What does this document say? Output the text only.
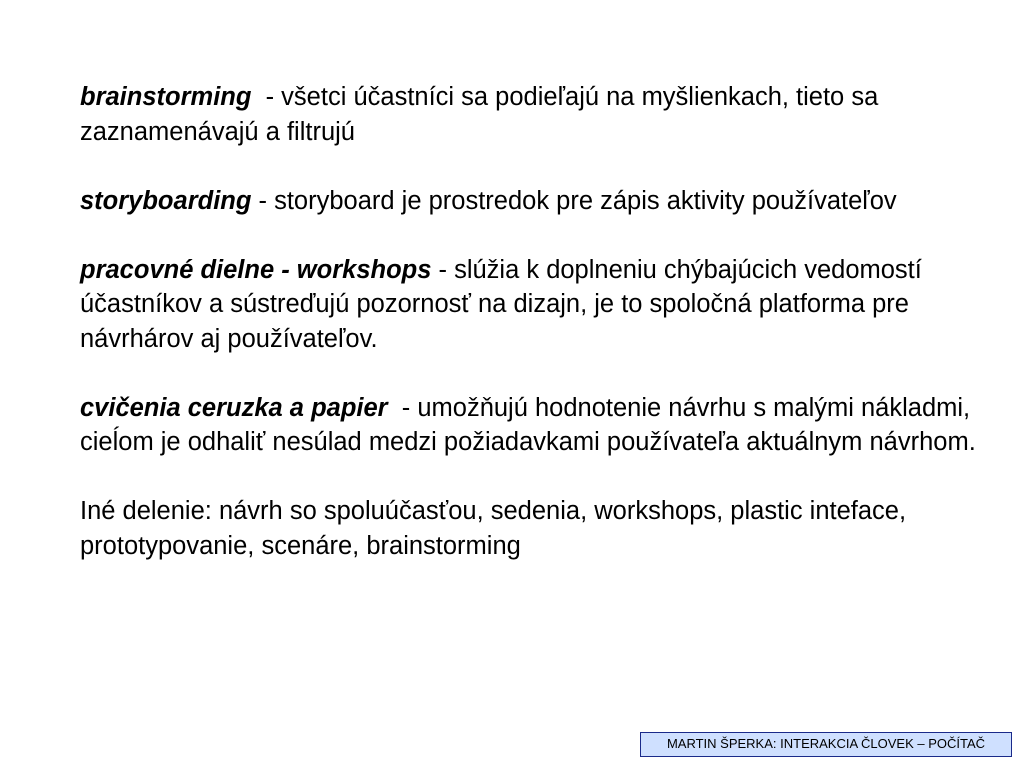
brainstorming  - všetci účastníci sa podieľajú na myšlienkach, tieto sa zaznamenávajú a filtrujú

storyboarding - storyboard je prostredok pre zápis aktivity používateľov

pracovné dielne - workshops - slúžia k doplneniu chýbajúcich vedomostí účastníkov a sústreďujú pozornosť na dizajn, je to spoločná platforma pre návrhárov aj používateľov.

cvičenia ceruzka a papier  - umožňujú hodnotenie návrhu s malými nákladmi, cieĺom je odhaliť nesúlad medzi požiadavkami používateľa aktuálnym návrhom.

Iné delenie: návrh so spoluúčasťou, sedenia, workshops, plastic inteface, prototypovanie, scenáre, brainstorming

MARTIN ŠPERKA: INTERAKCIA ČLOVEK – POČÍTAČ
